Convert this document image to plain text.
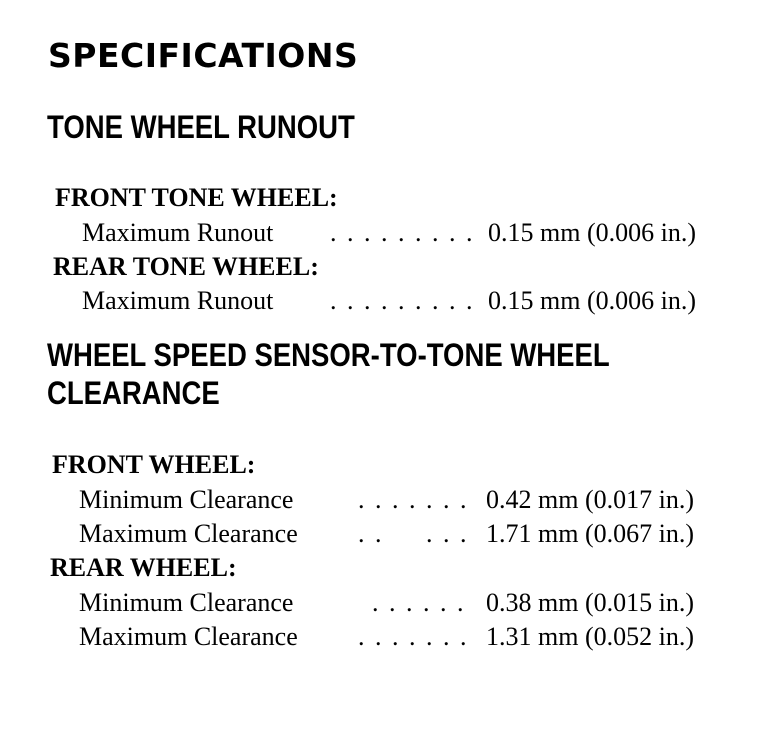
SPECIFICATIONS
TONE WHEEL RUNOUT
FRONT TONE WHEEL:
Maximum Runout . . . . . . . . . 0.15 mm (0.006 in.)
REAR TONE WHEEL:
Maximum Runout . . . . . . . . . 0.15 mm (0.006 in.)
WHEEL SPEED SENSOR-TO-TONE WHEEL
CLEARANCE
FRONT WHEEL:
Minimum Clearance . . . . . . . 0.42 mm (0.017 in.)
Maximum Clearance . .     . . . 1.71 mm (0.067 in.)
REAR WHEEL:
Minimum Clearance	. . . . . . 0.38 mm (0.015 in.)
Maximum Clearance . . . . . . . 1.31 mm (0.052 in.)
